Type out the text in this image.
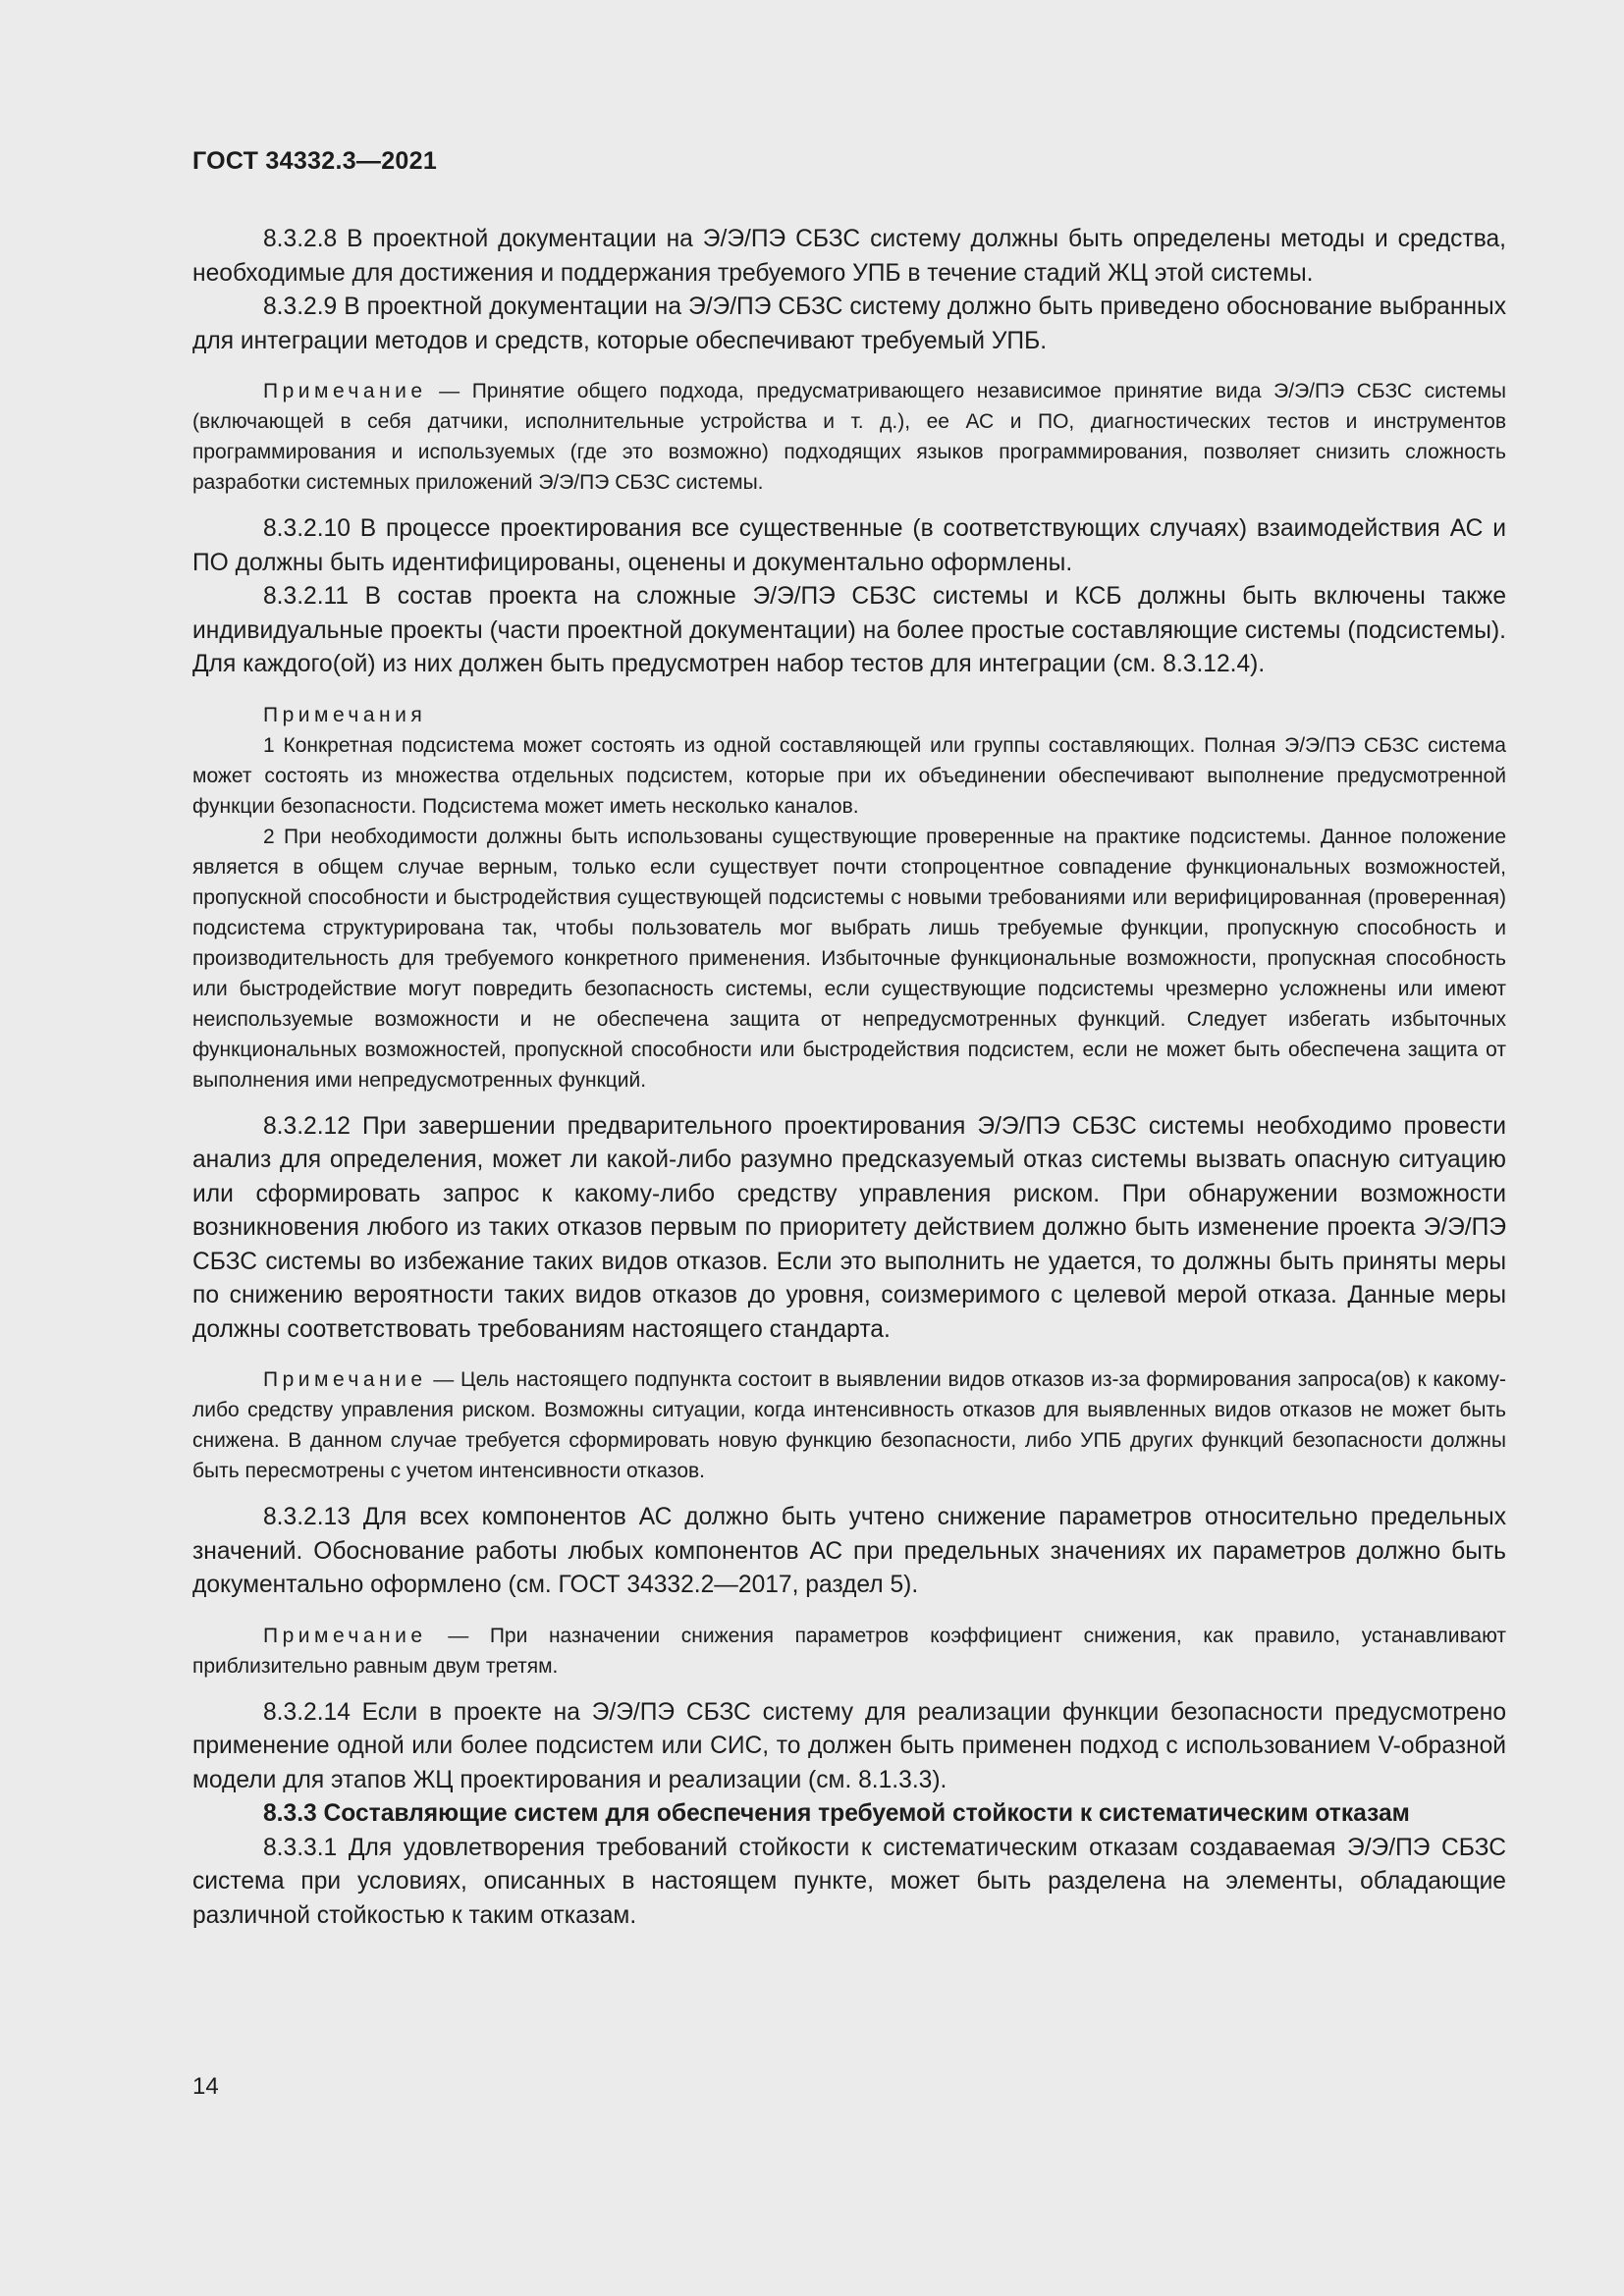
ГОСТ 34332.3—2021

8.3.2.8 В проектной документации на Э/Э/ПЭ СБЗС систему должны быть определены методы и средства, необходимые для достижения и поддержания требуемого УПБ в течение стадий ЖЦ этой системы.

8.3.2.9 В проектной документации на Э/Э/ПЭ СБЗС систему должно быть приведено обоснование выбранных для интеграции методов и средств, которые обеспечивают требуемый УПБ.

Примечание — Принятие общего подхода, предусматривающего независимое принятие вида Э/Э/ПЭ СБЗС системы (включающей в себя датчики, исполнительные устройства и т. д.), ее АС и ПО, диагностических тестов и инструментов программирования и используемых (где это возможно) подходящих языков программирования, позволяет снизить сложность разработки системных приложений Э/Э/ПЭ СБЗС системы.

8.3.2.10 В процессе проектирования все существенные (в соответствующих случаях) взаимодействия АС и ПО должны быть идентифицированы, оценены и документально оформлены.

8.3.2.11 В состав проекта на сложные Э/Э/ПЭ СБЗС системы и КСБ должны быть включены также индивидуальные проекты (части проектной документации) на более простые составляющие системы (подсистемы). Для каждого(ой) из них должен быть предусмотрен набор тестов для интеграции (см. 8.3.12.4).

Примечания

1 Конкретная подсистема может состоять из одной составляющей или группы составляющих. Полная Э/Э/ПЭ СБЗС система может состоять из множества отдельных подсистем, которые при их объединении обеспечивают выполнение предусмотренной функции безопасности. Подсистема может иметь несколько каналов.

2 При необходимости должны быть использованы существующие проверенные на практике подсистемы. Данное положение является в общем случае верным, только если существует почти стопроцентное совпадение функциональных возможностей, пропускной способности и быстродействия существующей подсистемы с новыми требованиями или верифицированная (проверенная) подсистема структурирована так, чтобы пользователь мог выбрать лишь требуемые функции, пропускную способность и производительность для требуемого конкретного применения. Избыточные функциональные возможности, пропускная способность или быстродействие могут повредить безопасность системы, если существующие подсистемы чрезмерно усложнены или имеют неиспользуемые возможности и не обеспечена защита от непредусмотренных функций. Следует избегать избыточных функциональных возможностей, пропускной способности или быстродействия подсистем, если не может быть обеспечена защита от выполнения ими непредусмотренных функций.

8.3.2.12 При завершении предварительного проектирования Э/Э/ПЭ СБЗС системы необходимо провести анализ для определения, может ли какой-либо разумно предсказуемый отказ системы вызвать опасную ситуацию или сформировать запрос к какому-либо средству управления риском. При обнаружении возможности возникновения любого из таких отказов первым по приоритету действием должно быть изменение проекта Э/Э/ПЭ СБЗС системы во избежание таких видов отказов. Если это выполнить не удается, то должны быть приняты меры по снижению вероятности таких видов отказов до уровня, соизмеримого с целевой мерой отказа. Данные меры должны соответствовать требованиям настоящего стандарта.

Примечание — Цель настоящего подпункта состоит в выявлении видов отказов из-за формирования запроса(ов) к какому-либо средству управления риском. Возможны ситуации, когда интенсивность отказов для выявленных видов отказов не может быть снижена. В данном случае требуется сформировать новую функцию безопасности, либо УПБ других функций безопасности должны быть пересмотрены с учетом интенсивности отказов.

8.3.2.13 Для всех компонентов АС должно быть учтено снижение параметров относительно предельных значений. Обоснование работы любых компонентов АС при предельных значениях их параметров должно быть документально оформлено (см. ГОСТ 34332.2—2017, раздел 5).

Примечание — При назначении снижения параметров коэффициент снижения, как правило, устанавливают приблизительно равным двум третям.

8.3.2.14 Если в проекте на Э/Э/ПЭ СБЗС систему для реализации функции безопасности предусмотрено применение одной или более подсистем или СИС, то должен быть применен подход с использованием V-образной модели для этапов ЖЦ проектирования и реализации (см. 8.1.3.3).

8.3.3 Составляющие систем для обеспечения требуемой стойкости к систематическим отказам

8.3.3.1 Для удовлетворения требований стойкости к систематическим отказам создаваемая Э/Э/ПЭ СБЗС система при условиях, описанных в настоящем пункте, может быть разделена на элементы, обладающие различной стойкостью к таким отказам.

14
